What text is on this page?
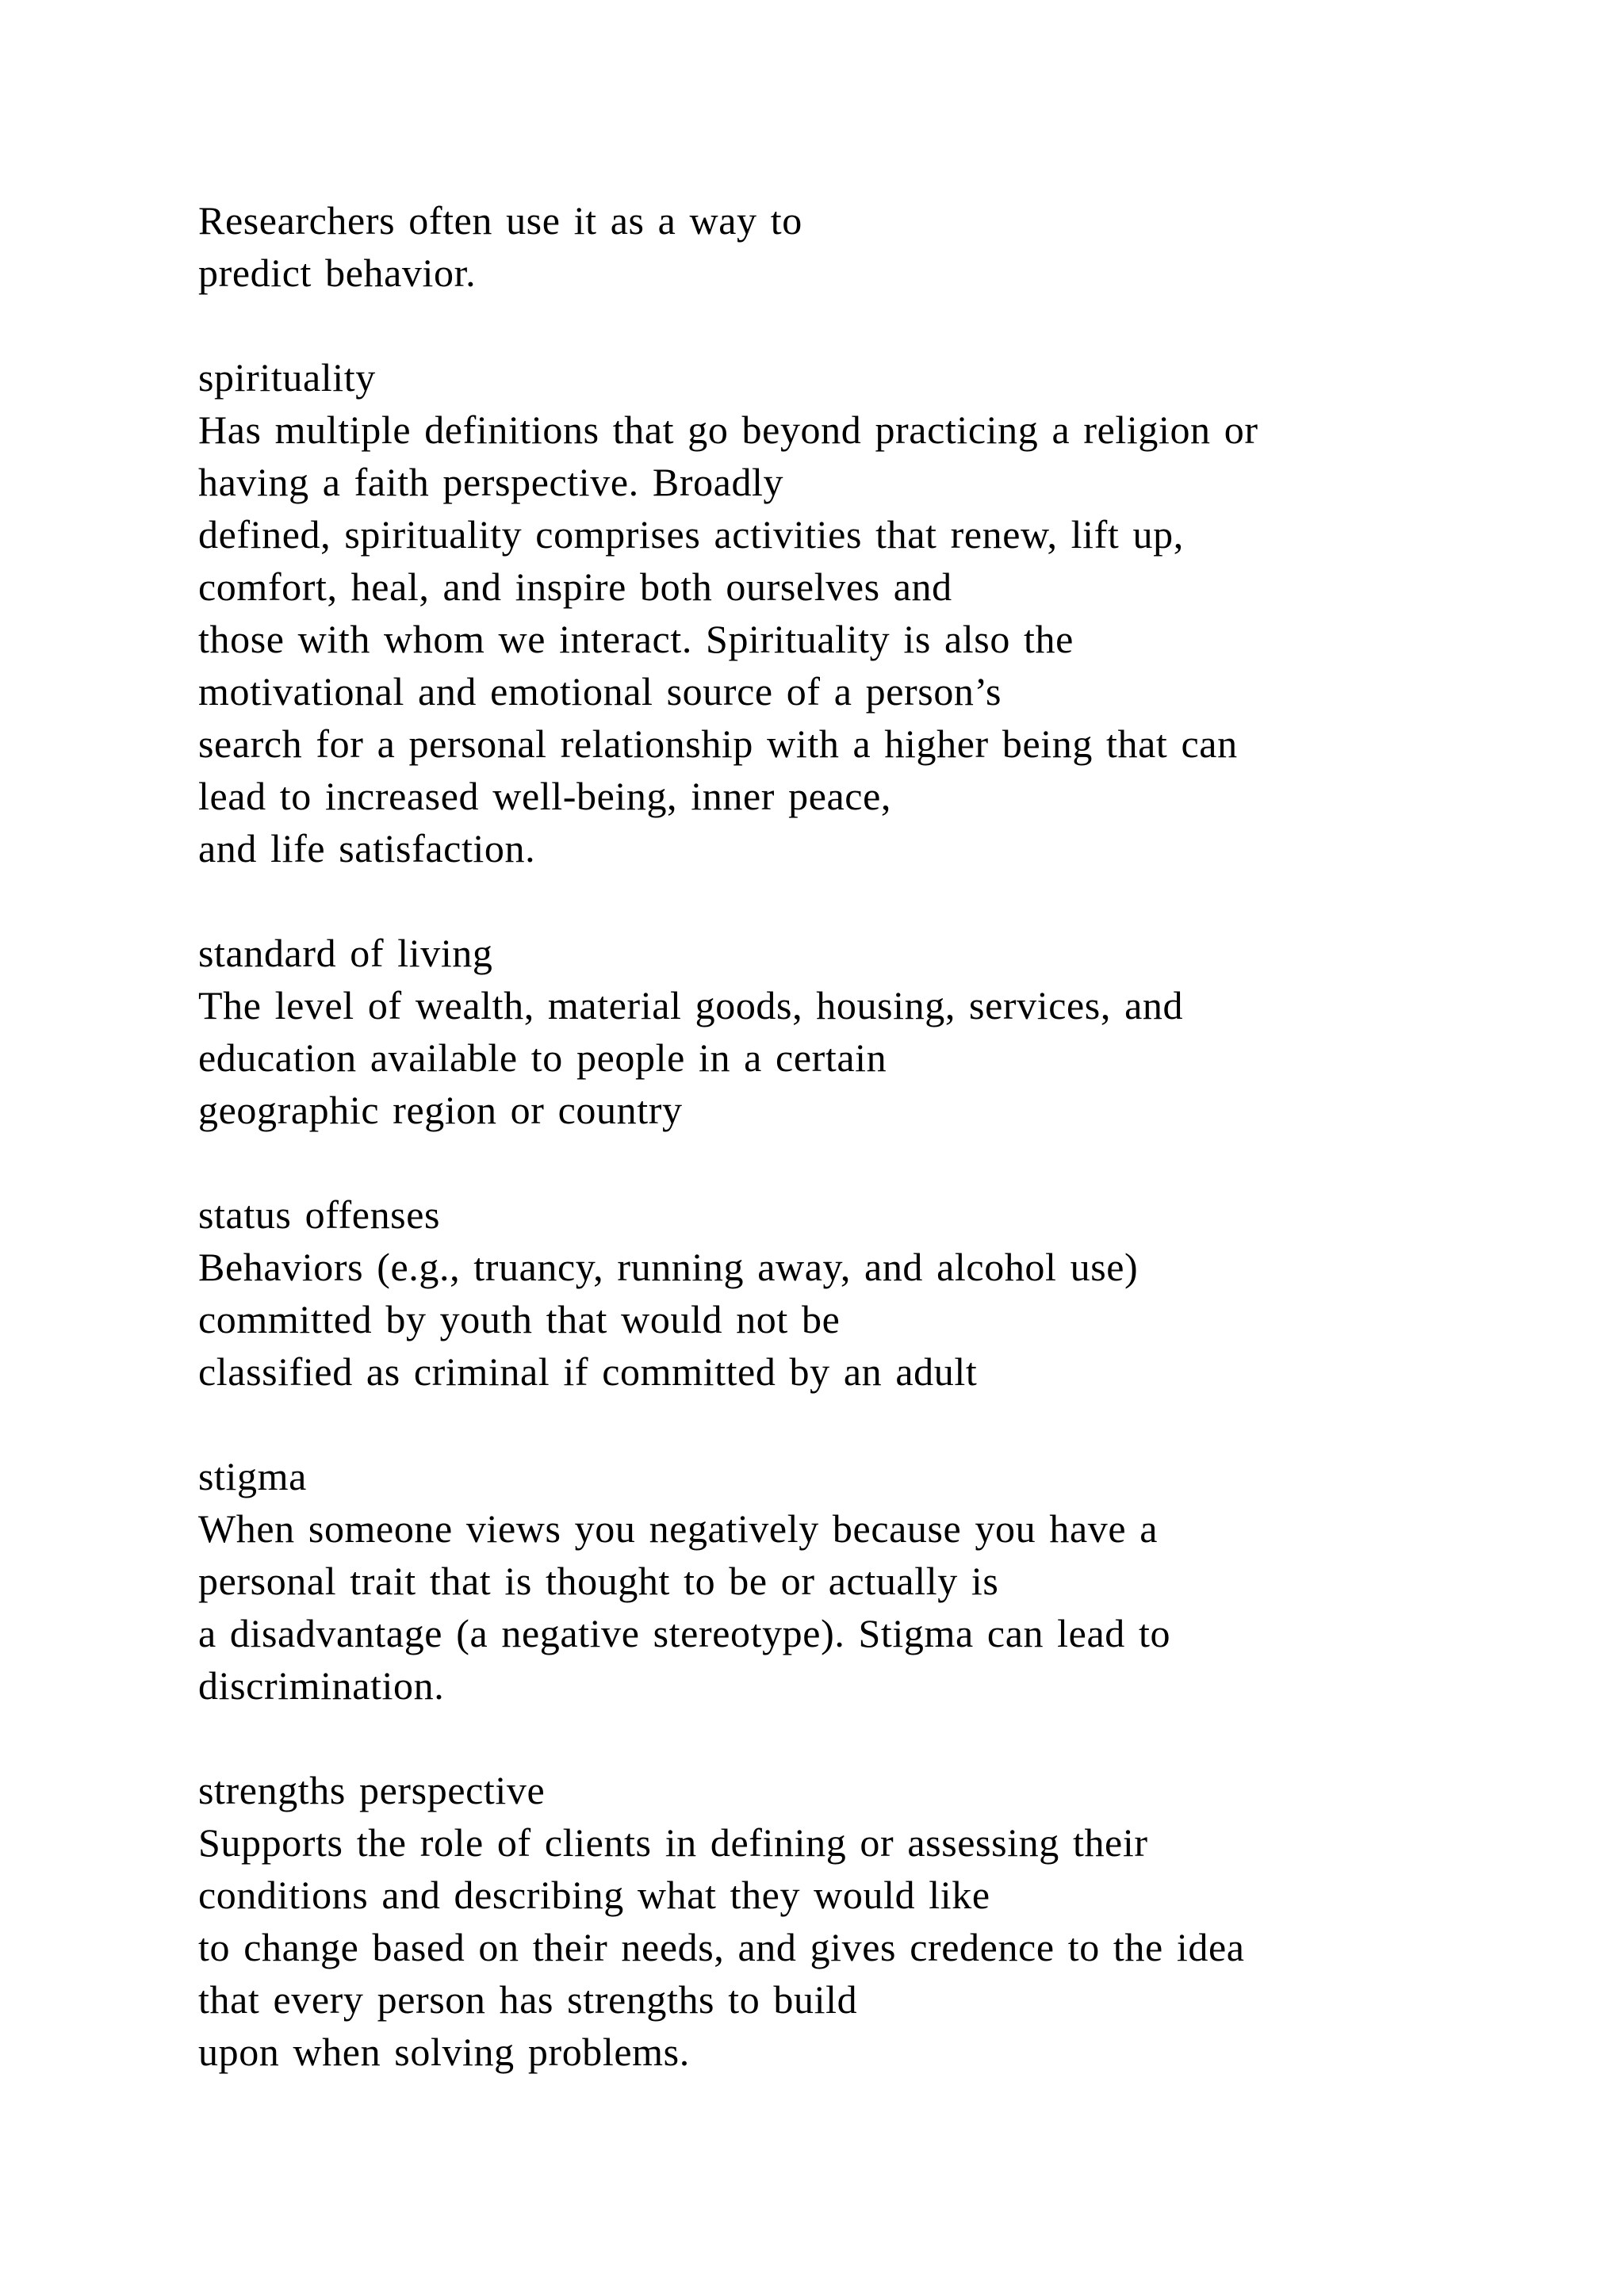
Researchers often use it as a way to
predict behavior.
spirituality
Has multiple definitions that go beyond practicing a religion or
having a faith perspective. Broadly
defined, spirituality comprises activities that renew, lift up,
comfort, heal, and inspire both ourselves and
those with whom we interact. Spirituality is also the
motivational and emotional source of a person’s
search for a personal relationship with a higher being that can
lead to increased well-being, inner peace,
and life satisfaction.
standard of living
The level of wealth, material goods, housing, services, and
education available to people in a certain
geographic region or country
status offenses
Behaviors (e.g., truancy, running away, and alcohol use)
committed by youth that would not be
classified as criminal if committed by an adult
stigma
When someone views you negatively because you have a
personal trait that is thought to be or actually is
a disadvantage (a negative stereotype). Stigma can lead to
discrimination.
strengths perspective
Supports the role of clients in defining or assessing their
conditions and describing what they would like
to change based on their needs, and gives credence to the idea
that every person has strengths to build
upon when solving problems.
